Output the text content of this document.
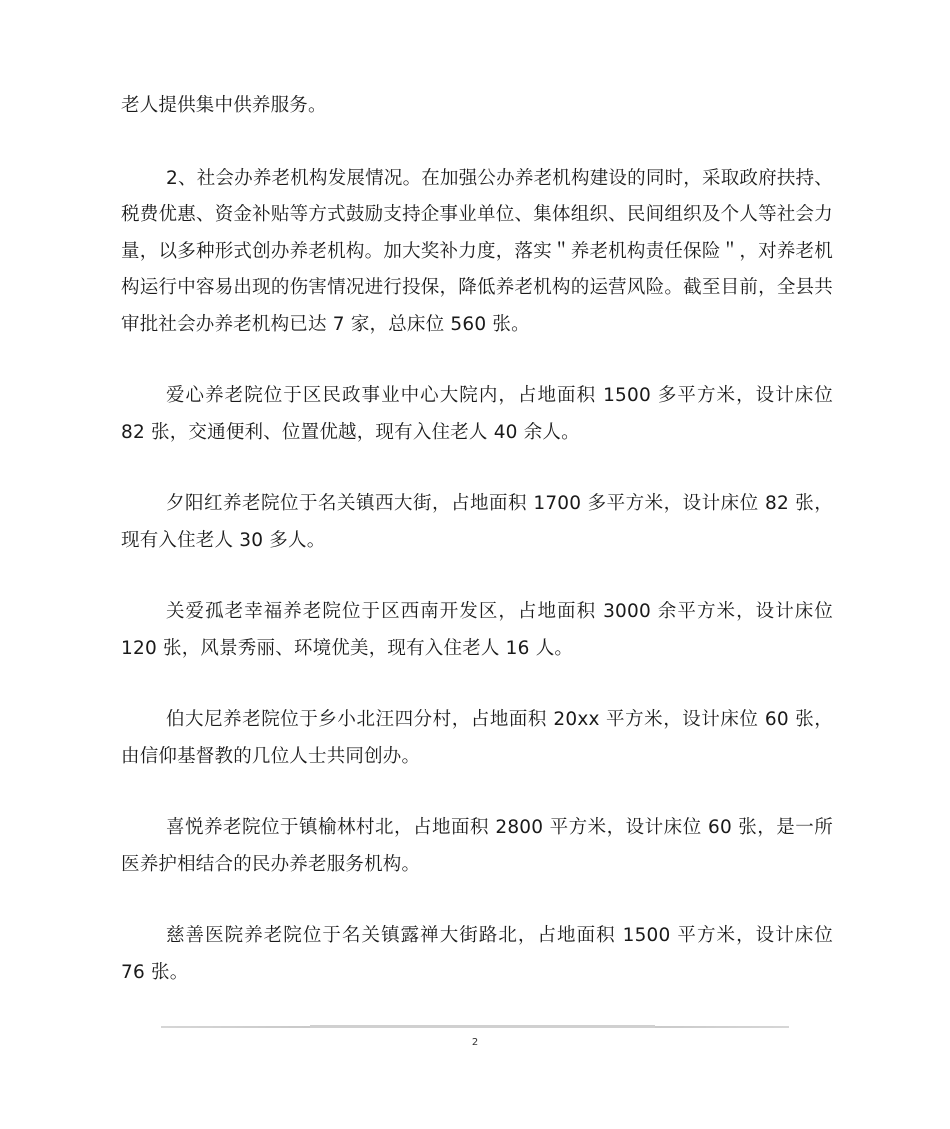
老人提供集中供养服务。

2、社会办养老机构发展情况。在加强公办养老机构建设的同时，采取政府扶持、税费优惠、资金补贴等方式鼓励支持企事业单位、集体组织、民间组织及个人等社会力量，以多种形式创办养老机构。加大奖补力度，落实＂养老机构责任保险＂，对养老机构运行中容易出现的伤害情况进行投保，降低养老机构的运营风险。截至目前，全县共审批社会办养老机构已达 7 家，总床位 560 张。

爱心养老院位于区民政事业中心大院内，占地面积 1500 多平方米，设计床位 82 张，交通便利、位置优越，现有入住老人 40 余人。

夕阳红养老院位于名关镇西大街，占地面积 1700 多平方米，设计床位 82 张，现有入住老人 30 多人。

关爱孤老幸福养老院位于区西南开发区，占地面积 3000 余平方米，设计床位 120 张，风景秀丽、环境优美，现有入住老人 16 人。

伯大尼养老院位于乡小北汪四分村，占地面积 20xx 平方米，设计床位 60 张，由信仰基督教的几位人士共同创办。

喜悦养老院位于镇榆林村北，占地面积 2800 平方米，设计床位 60 张，是一所医养护相结合的民办养老服务机构。

慈善医院养老院位于名关镇露禅大街路北，占地面积 1500 平方米，设计床位 76 张。

2
